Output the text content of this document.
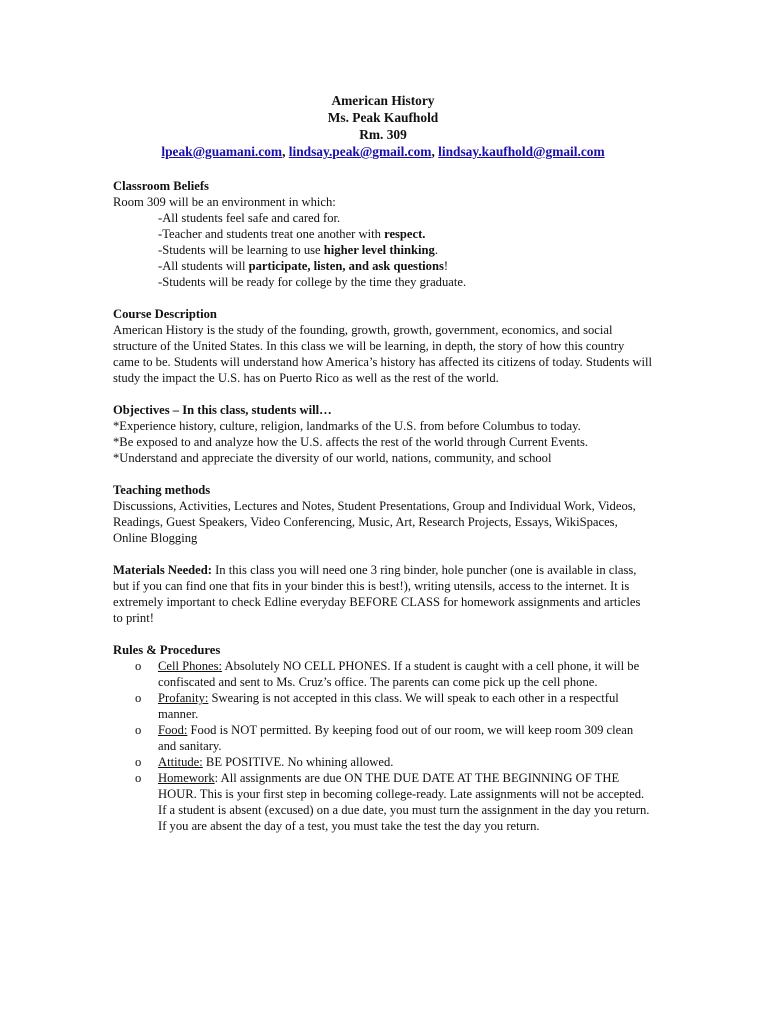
American History
Ms. Peak Kaufhold
Rm. 309
lpeak@guamani.com, lindsay.peak@gmail.com, lindsay.kaufhold@gmail.com
Classroom Beliefs

Room 309 will be an environment in which:

-All students feel safe and cared for.
-Teacher and students treat one another with respect.
-Students will be learning to use higher level thinking.
-All students will participate, listen, and ask questions!
-Students will be ready for college by the time they graduate.
Course Description

American History is the study of the founding, growth, growth, government, economics, and social structure of the United States. In this class we will be learning, in depth, the story of how this country came to be. Students will understand how America’s history has affected its citizens of today. Students will study the impact the U.S. has on Puerto Rico as well as the rest of the world.

Objectives – In this class, students will…
*Experience history, culture, religion, landmarks of the U.S. from before Columbus to today.
*Be exposed to and analyze how the U.S. affects the rest of the world through Current Events.
*Understand and appreciate the diversity of our world, nations, community, and school
Teaching methods

Discussions, Activities, Lectures and Notes, Student Presentations, Group and Individual Work, Videos, Readings, Guest Speakers, Video Conferencing, Music, Art, Research Projects, Essays, WikiSpaces, Online Blogging

Materials Needed: In this class you will need one 3 ring binder, hole puncher (one is available in class, but if you can find one that fits in your binder this is best!), writing utensils, access to the internet. It is extremely important to check Edline everyday BEFORE CLASS for homework assignments and articles to print!

Rules & Procedures
o Cell Phones: Absolutely NO CELL PHONES. If a student is caught with a cell phone, it will be confiscated and sent to Ms. Cruz’s office. The parents can come pick up the cell phone.
o Profanity: Swearing is not accepted in this class. We will speak to each other in a respectful manner.
o Food: Food is NOT permitted. By keeping food out of our room, we will keep room 309 clean and sanitary.
o Attitude: BE POSITIVE. No whining allowed.
o Homework: All assignments are due ON THE DUE DATE AT THE BEGINNING OF THE HOUR. This is your first step in becoming college-ready. Late assignments will not be accepted. If a student is absent (excused) on a due date, you must turn the assignment in the day you return. If you are absent the day of a test, you must take the test the day you return.
